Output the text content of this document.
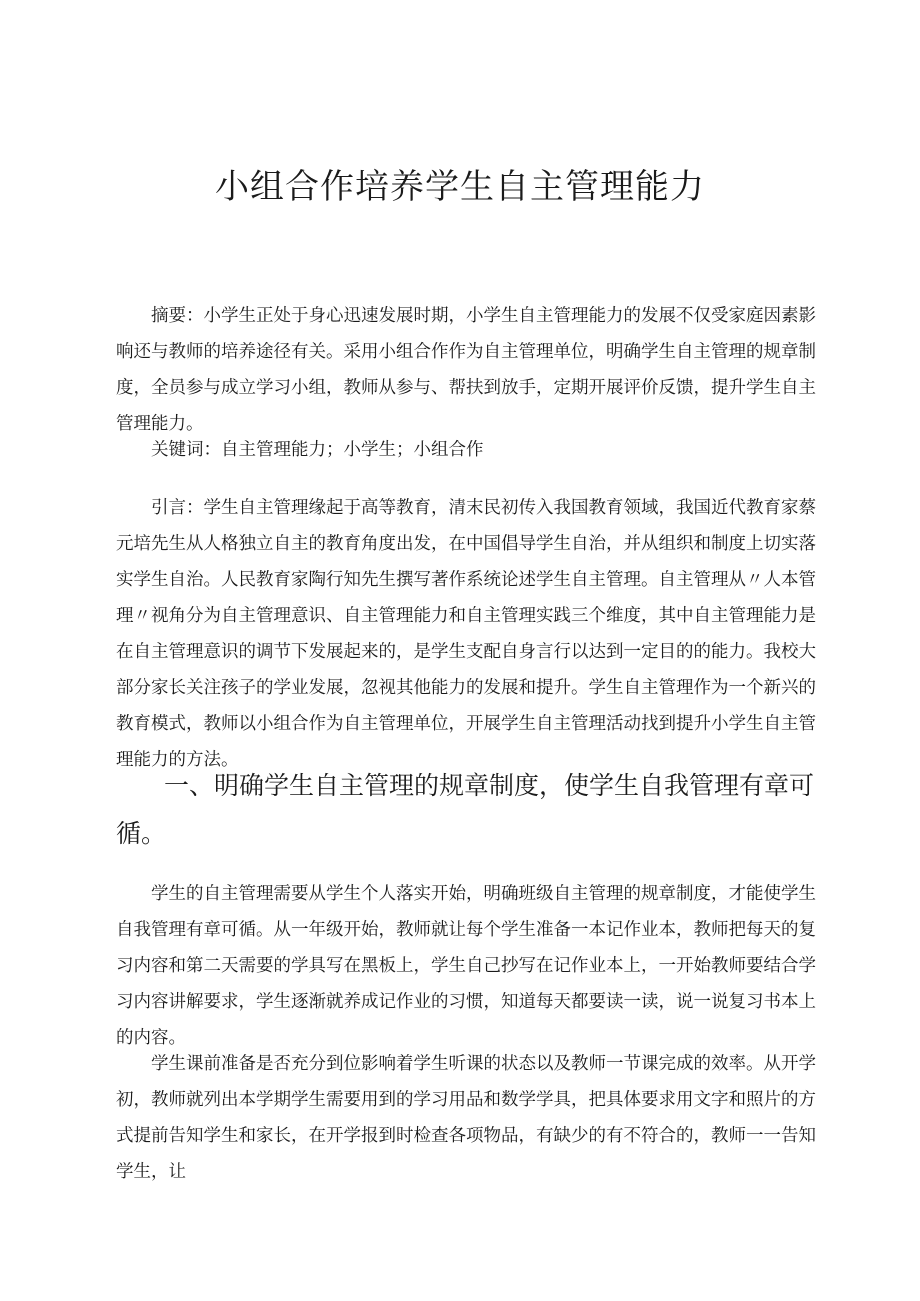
小组合作培养学生自主管理能力

摘要：小学生正处于身心迅速发展时期，小学生自主管理能力的发展不仅受家庭因素影响还与教师的培养途径有关。采用小组合作作为自主管理单位，明确学生自主管理的规章制度，全员参与成立学习小组，教师从参与、帮扶到放手，定期开展评价反馈，提升学生自主管理能力。

关键词：自主管理能力；小学生；小组合作

引言：学生自主管理缘起于高等教育，清末民初传入我国教育领域，我国近代教育家蔡元培先生从人格独立自主的教育角度出发，在中国倡导学生自治，并从组织和制度上切实落实学生自治。人民教育家陶行知先生撰写著作系统论述学生自主管理。自主管理从〃人本管理〃视角分为自主管理意识、自主管理能力和自主管理实践三个维度，其中自主管理能力是在自主管理意识的调节下发展起来的，是学生支配自身言行以达到一定目的的能力。我校大部分家长关注孩子的学业发展，忽视其他能力的发展和提升。学生自主管理作为一个新兴的教育模式，教师以小组合作为自主管理单位，开展学生自主管理活动找到提升小学生自主管理能力的方法。

一、明确学生自主管理的规章制度，使学生自我管理有章可循。

学生的自主管理需要从学生个人落实开始，明确班级自主管理的规章制度，才能使学生自我管理有章可循。从一年级开始，教师就让每个学生准备一本记作业本，教师把每天的复习内容和第二天需要的学具写在黑板上，学生自己抄写在记作业本上，一开始教师要结合学习内容讲解要求，学生逐渐就养成记作业的习惯，知道每天都要读一读，说一说复习书本上的内容。

学生课前准备是否充分到位影响着学生听课的状态以及教师一节课完成的效率。从开学初，教师就列出本学期学生需要用到的学习用品和数学学具，把具体要求用文字和照片的方式提前告知学生和家长，在开学报到时检查各项物品，有缺少的有不符合的，教师一一告知学生，让
